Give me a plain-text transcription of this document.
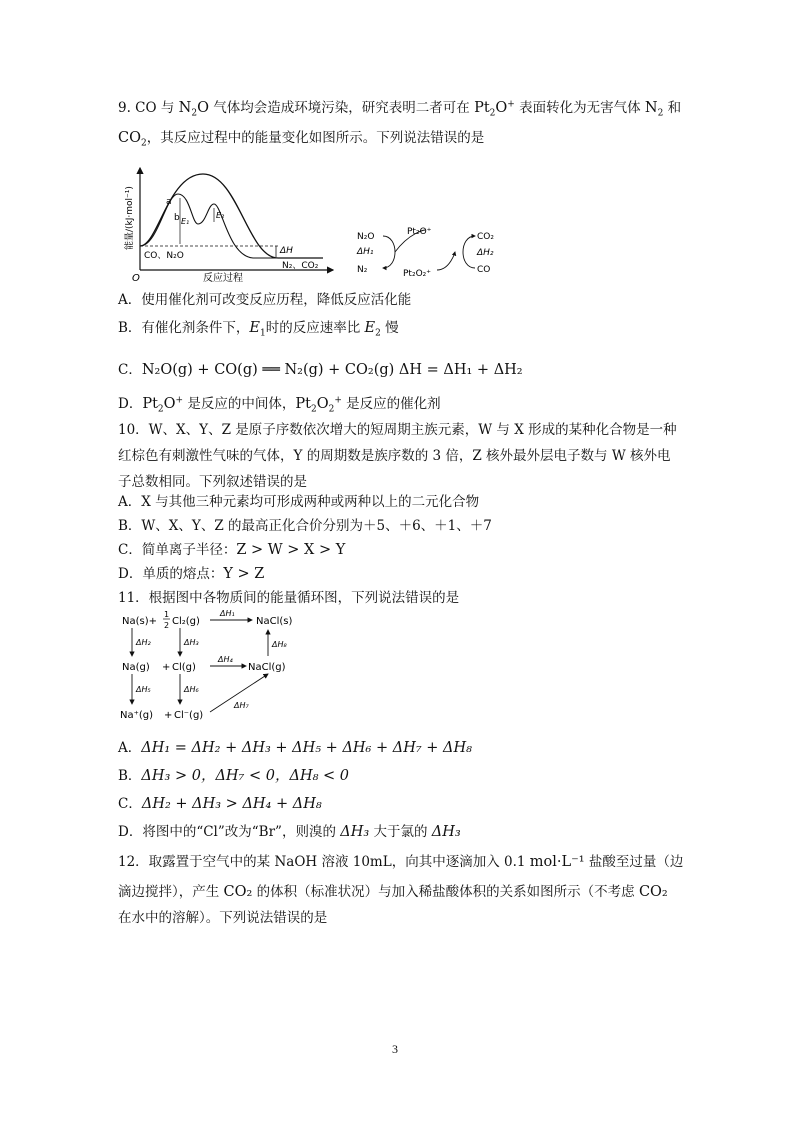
9. CO 与 $N_2O$ 气体均会造成环境污染，研究表明二者可在 $Pt_2O^+$ 表面转化为无害气体 $N_2$ 和
$CO_2$，其反应过程中的能量变化如图所示。下列说法错误的是
O	反应过程
能量/(kJ·mol⁻¹)	a
b E₁
E₂
CO、N₂O	ΔH
N₂、CO₂
N₂O
ΔH₁
N₂
Pt₂O⁺
Pt₂O₂⁺
CO₂
ΔH₂
CO
A．使用催化剂可改变反应历程，降低反应活化能
B．有催化剂条件下，$E_1$时的反应速率比 $E_2$ 慢
C．N₂O(g) + CO(g) ══ N₂(g) + CO₂(g) ΔH = ΔH₁ + ΔH₂
D．$Pt_2O^+$ 是反应的中间体，$Pt_2O_2^+$ 是反应的催化剂
10．W、X、Y、Z 是原子序数依次增大的短周期主族元素，W 与 X 形成的某种化合物是一种红棕色有刺激性气味的气体，Y 的周期数是族序数的 3 倍，Z 核外最外层电子数与 W 核外电子总数相同。下列叙述错误的是
A．X 与其他三种元素均可形成两种或两种以上的二元化合物
B．W、X、Y、Z 的最高正化合价分别为＋5、＋6、＋1、＋7
C．简单离子半径：Z > W > X > Y
D．单质的熔点：Y > Z
11．根据图中各物质间的能量循环图，下列说法错误的是
Na(s)+
1
2 Cl₂(g)
ΔH₁
NaCl(s)
ΔH₂	ΔH₃	ΔH₈
Na(g) + Cl(g)
ΔH₄
NaCl(g)
ΔH₅	ΔH₆
Na⁺(g) + Cl⁻(g)
ΔH₇
A．ΔH₁ = ΔH₂ + ΔH₃ + ΔH₅ + ΔH₆ + ΔH₇ + ΔH₈
B．ΔH₃ > 0，ΔH₇ < 0，ΔH₈ < 0
C．ΔH₂ + ΔH₃ > ΔH₄ + ΔH₈
D．将图中的“Cl”改为“Br”，则溴的 ΔH₃ 大于氯的 ΔH₃
12．取露置于空气中的某 NaOH 溶液 10mL，向其中逐滴加入 0.1 mol·L⁻¹ 盐酸至过量（边
滴边搅拌），产生 CO₂ 的体积（标准状况）与加入稀盐酸体积的关系如图所示（不考虑 CO₂
在水中的溶解）。下列说法错误的是
3
